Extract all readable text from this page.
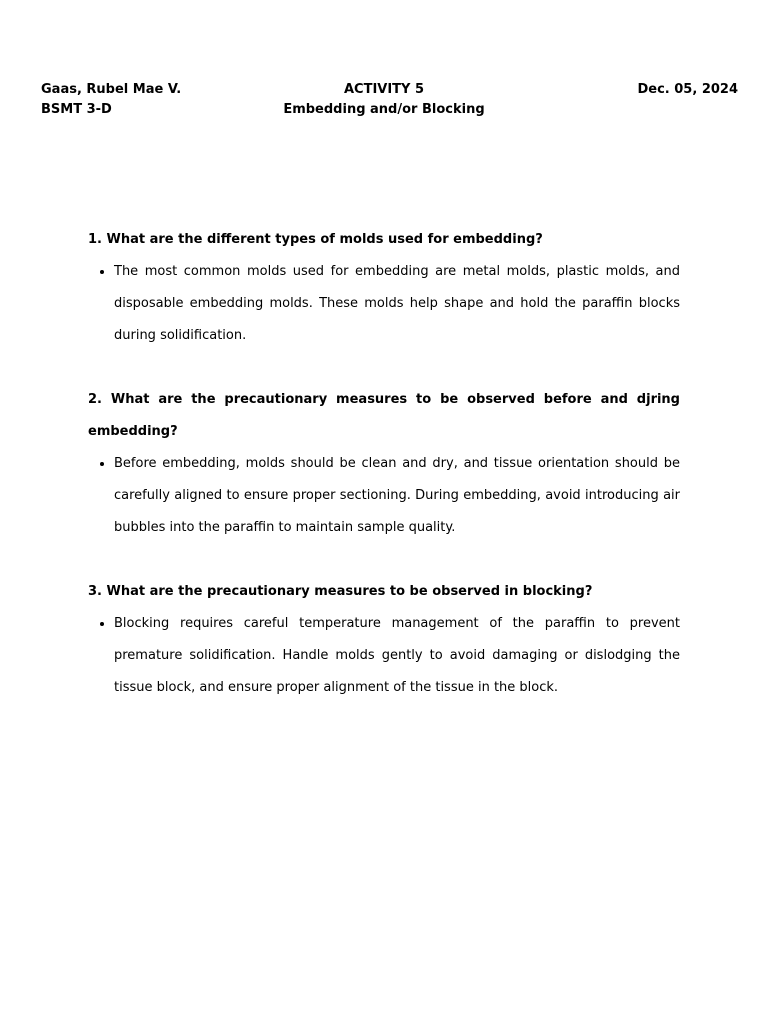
Gaas, Rubel Mae V.
BSMT 3-D
ACTIVITY 5
Embedding and/or Blocking
Dec. 05, 2024

1. What are the different types of molds used for embedding?

• The most common molds used for embedding are metal molds, plastic molds, and disposable embedding molds. These molds help shape and hold the paraffin blocks during solidification.

2. What are the precautionary measures to be observed before and djring embedding?

• Before embedding, molds should be clean and dry, and tissue orientation should be carefully aligned to ensure proper sectioning. During embedding, avoid introducing air bubbles into the paraffin to maintain sample quality.

3. What are the precautionary measures to be observed in blocking?

• Blocking requires careful temperature management of the paraffin to prevent premature solidification. Handle molds gently to avoid damaging or dislodging the tissue block, and ensure proper alignment of the tissue in the block.
